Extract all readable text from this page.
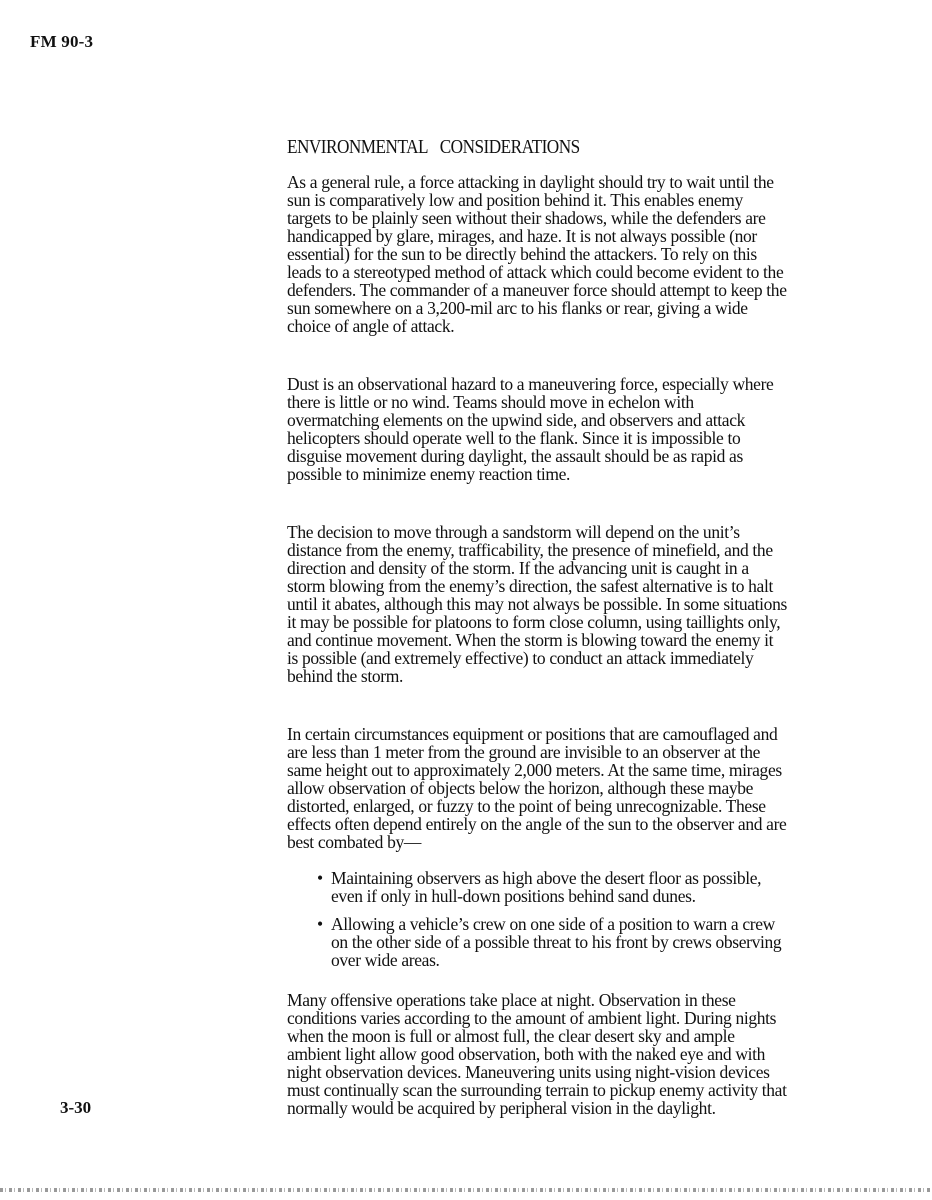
FM 90-3
ENVIRONMENTAL CONSIDERATIONS

As a general rule, a force attacking in daylight should try to wait until the sun is comparatively low and position behind it. This enables enemy targets to be plainly seen without their shadows, while the defenders are handicapped by glare, mirages, and haze. It is not always possible (nor essential) for the sun to be directly behind the attackers. To rely on this leads to a stereotyped method of attack which could become evident to the defenders. The commander of a maneuver force should attempt to keep the sun somewhere on a 3,200-mil arc to his flanks or rear, giving a wide choice of angle of attack.

Dust is an observational hazard to a maneuvering force, especially where there is little or no wind. Teams should move in echelon with overmatching elements on the upwind side, and observers and attack helicopters should operate well to the flank. Since it is impossible to disguise movement during daylight, the assault should be as rapid as possible to minimize enemy reaction time.

The decision to move through a sandstorm will depend on the unit’s distance from the enemy, trafficability, the presence of minefield, and the direction and density of the storm. If the advancing unit is caught in a storm blowing from the enemy’s direction, the safest alternative is to halt until it abates, although this may not always be possible. In some situations it may be possible for platoons to form close column, using taillights only, and continue movement. When the storm is blowing toward the enemy it is possible (and extremely effective) to conduct an attack immediately behind the storm.

In certain circumstances equipment or positions that are camouflaged and are less than 1 meter from the ground are invisible to an observer at the same height out to approximately 2,000 meters. At the same time, mirages allow observation of objects below the horizon, although these maybe distorted, enlarged, or fuzzy to the point of being unrecognizable. These effects often depend entirely on the angle of the sun to the observer and are best combated by—

• Maintaining observers as high above the desert floor as possible, even if only in hull-down positions behind sand dunes.
• Allowing a vehicle’s crew on one side of a position to warn a crew on the other side of a possible threat to his front by crews observing over wide areas.

Many offensive operations take place at night. Observation in these conditions varies according to the amount of ambient light. During nights when the moon is full or almost full, the clear desert sky and ample ambient light allow good observation, both with the naked eye and with night observation devices. Maneuvering units using night-vision devices must continually scan the surrounding terrain to pickup enemy activity that normally would be acquired by peripheral vision in the daylight.

3-30
